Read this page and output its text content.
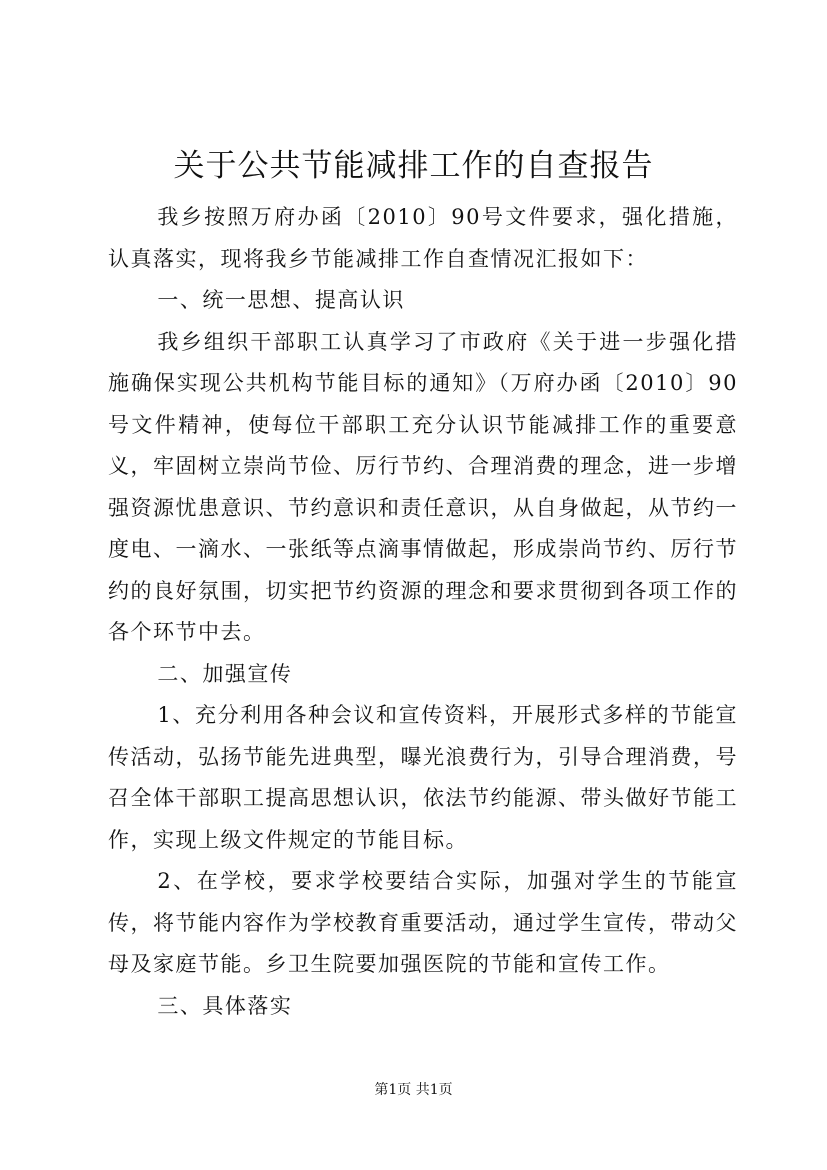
关于公共节能减排工作的自查报告

我乡按照万府办函〔2010〕90号文件要求，强化措施，认真落实，现将我乡节能减排工作自查情况汇报如下：

一、统一思想、提高认识

我乡组织干部职工认真学习了市政府《关于进一步强化措施确保实现公共机构节能目标的通知》（万府办函〔2010〕90号文件精神，使每位干部职工充分认识节能减排工作的重要意义，牢固树立崇尚节俭、厉行节约、合理消费的理念，进一步增强资源忧患意识、节约意识和责任意识，从自身做起，从节约一度电、一滴水、一张纸等点滴事情做起，形成崇尚节约、厉行节约的良好氛围，切实把节约资源的理念和要求贯彻到各项工作的各个环节中去。

二、加强宣传

1、充分利用各种会议和宣传资料，开展形式多样的节能宣传活动，弘扬节能先进典型，曝光浪费行为，引导合理消费，号召全体干部职工提高思想认识，依法节约能源、带头做好节能工作，实现上级文件规定的节能目标。

2、在学校，要求学校要结合实际，加强对学生的节能宣传，将节能内容作为学校教育重要活动，通过学生宣传，带动父母及家庭节能。乡卫生院要加强医院的节能和宣传工作。

三、具体落实

第1页 共1页
